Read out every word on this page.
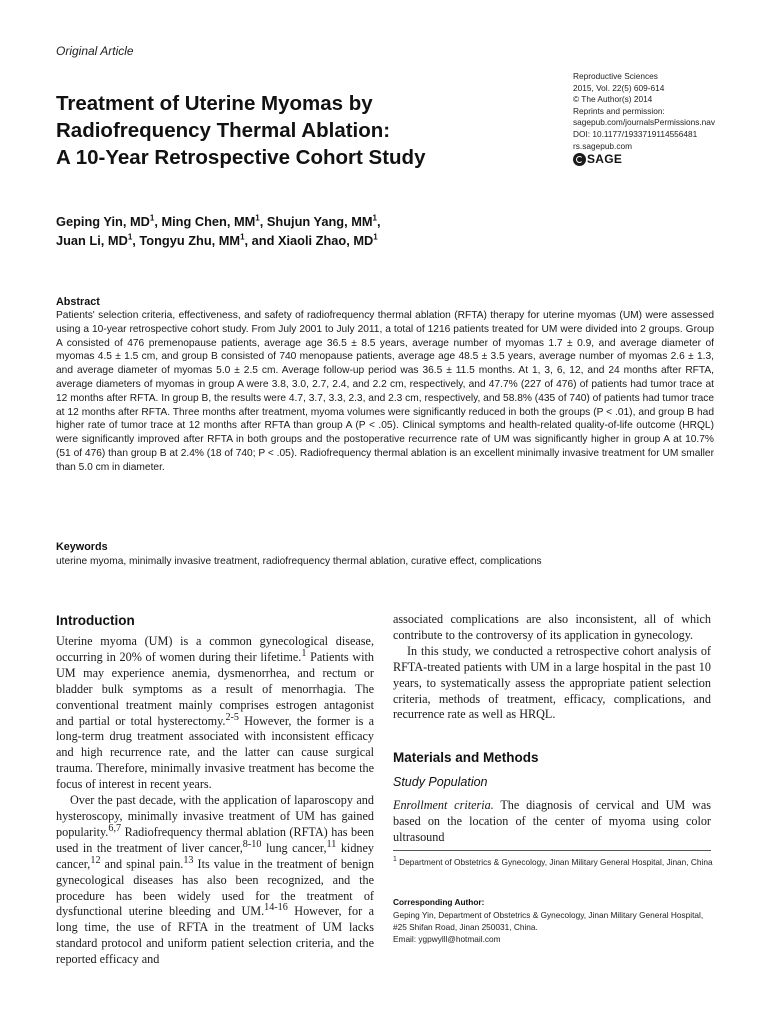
Original Article
Treatment of Uterine Myomas by
Radiofrequency Thermal Ablation:
A 10-Year Retrospective Cohort Study
Reproductive Sciences
2015, Vol. 22(5) 609-614
© The Author(s) 2014
Reprints and permission:
sagepub.com/journalsPermissions.nav
DOI: 10.1177/1933719114556481
rs.sagepub.com
SAGE
Geping Yin, $MD^1$, Ming Chen, $MM^1$, Shujun Yang, $MM^1$,
Juan Li, $MD^1$, Tongyu Zhu, $MM^1$, and Xiaoli Zhao, $MD^1$
Abstract
Patients' selection criteria, effectiveness, and safety of radiofrequency thermal ablation (RFTA) therapy for uterine myomas (UM) were assessed using a 10-year retrospective cohort study. From July 2001 to July 2011, a total of 1216 patients treated for UM were divided into 2 groups. Group A consisted of 476 premenopause patients, average age 36.5 ± 8.5 years, average number of myomas 1.7 ± 0.9, and average diameter of myomas 4.5 ± 1.5 cm, and group B consisted of 740 menopause patients, average age 48.5 ± 3.5 years, average number of myomas 2.6 ± 1.3, and average diameter of myomas 5.0 ± 2.5 cm. Average follow-up period was 36.5 ± 11.5 months. At 1, 3, 6, 12, and 24 months after RFTA, average diameters of myomas in group A were 3.8, 3.0, 2.7, 2.4, and 2.2 cm, respectively, and 47.7% (227 of 476) of patients had tumor trace at 12 months after RFTA. In group B, the results were 4.7, 3.7, 3.3, 2.3, and 2.3 cm, respectively, and 58.8% (435 of 740) of patients had tumor trace at 12 months after RFTA. Three months after treatment, myoma volumes were significantly reduced in both the groups (P < .01), and group B had higher rate of tumor trace at 12 months after RFTA than group A (P < .05). Clinical symptoms and health-related quality-of-life outcome (HRQL) were significantly improved after RFTA in both groups and the postoperative recurrence rate of UM was significantly higher in group A at 10.7% (51 of 476) than group B at 2.4% (18 of 740; P < .05). Radiofrequency thermal ablation is an excellent minimally invasive treatment for UM smaller than 5.0 cm in diameter.
Keywords
uterine myoma, minimally invasive treatment, radiofrequency thermal ablation, curative effect, complications
Introduction

Uterine myoma (UM) is a common gynecological disease, occurring in 20% of women during their lifetime.$^1$ Patients with UM may experience anemia, dysmenorrhea, and rectum or bladder bulk symptoms as a result of menorrhagia. The conventional treatment mainly comprises estrogen antagonist and partial or total hysterectomy.$^{2-5}$ However, the former is a long-term drug treatment associated with inconsistent efficacy and high recurrence rate, and the latter can cause surgical trauma. Therefore, minimally invasive treatment has become the focus of interest in recent years.

Over the past decade, with the application of laparoscopy and hysteroscopy, minimally invasive treatment of UM has gained popularity.$^{6,7}$ Radiofrequency thermal ablation (RFTA) has been used in the treatment of liver cancer,$^{8-10}$ lung cancer,$^{11}$ kidney cancer,$^{12}$ and spinal pain.$^{13}$ Its value in the treatment of benign gynecological diseases has also been recognized, and the procedure has been widely used for the treatment of dysfunctional uterine bleeding and UM.$^{14-16}$ However, for a long time, the use of RFTA in the treatment of UM lacks standard protocol and uniform patient selection criteria, and the reported efficacy and

associated complications are also inconsistent, all of which contribute to the controversy of its application in gynecology.

In this study, we conducted a retrospective cohort analysis of RFTA-treated patients with UM in a large hospital in the past 10 years, to systematically assess the appropriate patient selection criteria, methods of treatment, efficacy, complications, and recurrence rate as well as HRQL.

Materials and Methods
Study Population

Enrollment criteria. The diagnosis of cervical and UM was based on the location of the center of myoma using color ultrasound

$^1$ Department of Obstetrics & Gynecology, Jinan Military General Hospital, Jinan, China
Corresponding Author:
Geping Yin, Department of Obstetrics & Gynecology, Jinan Military General Hospital, #25 Shifan Road, Jinan 250031, China.
Email: ygpwylll@hotmail.com
